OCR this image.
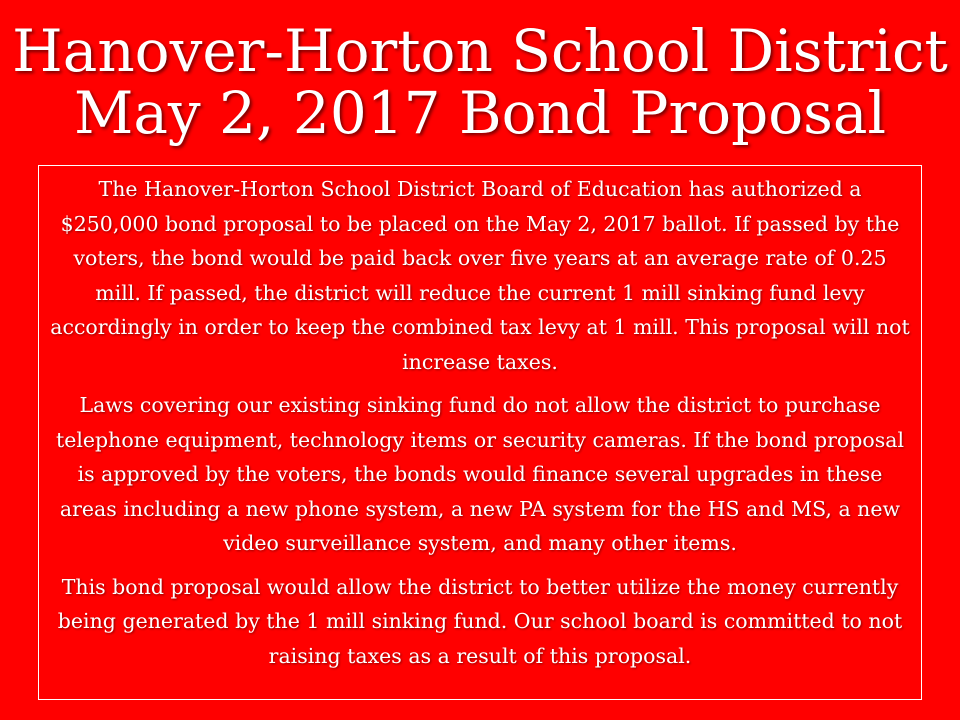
Hanover-Horton School District
May 2, 2017 Bond Proposal

The Hanover-Horton School District Board of Education has authorized a $250,000 bond proposal to be placed on the May 2, 2017 ballot. If passed by the voters, the bond would be paid back over five years at an average rate of 0.25 mill. If passed, the district will reduce the current 1 mill sinking fund levy accordingly in order to keep the combined tax levy at 1 mill. This proposal will not increase taxes.

Laws covering our existing sinking fund do not allow the district to purchase telephone equipment, technology items or security cameras. If the bond proposal is approved by the voters, the bonds would finance several upgrades in these areas including a new phone system, a new PA system for the HS and MS, a new video surveillance system, and many other items.

This bond proposal would allow the district to better utilize the money currently being generated by the 1 mill sinking fund. Our school board is committed to not raising taxes as a result of this proposal.
